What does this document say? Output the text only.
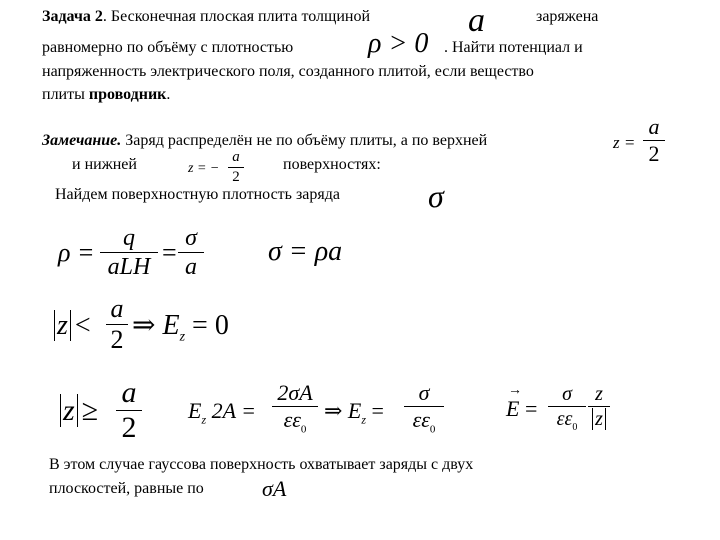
Задача 2. Бесконечная плоская плита толщиной	a	заряжена
равномерно по объёму с плотностью	ρ > 0 . Найти потенциал и
напряженность электрического поля, созданного плитой, если вещество
плиты проводник.
Замечание. Заряд распределён не по объёму плиты, а по верхней	z =
a
2
и нижней	z = −
a
2
поверхностях:
Найдем поверхностную плотность заряда	σ
ρ =	q
aLH = σ
a	σ = ρa
z <
a
2 ⇒ $E_z = 0$
z ≥
a
2
$E_z$ 2A =
2σA
$\varepsilon\varepsilon_0$
⇒ $E_z$ =
σ
$\varepsilon\varepsilon_0$
→
E =
σ
$\varepsilon\varepsilon_0$
z
z
В этом случае гауссова поверхность охватывает заряды с двух
плоскостей, равные по	σA
